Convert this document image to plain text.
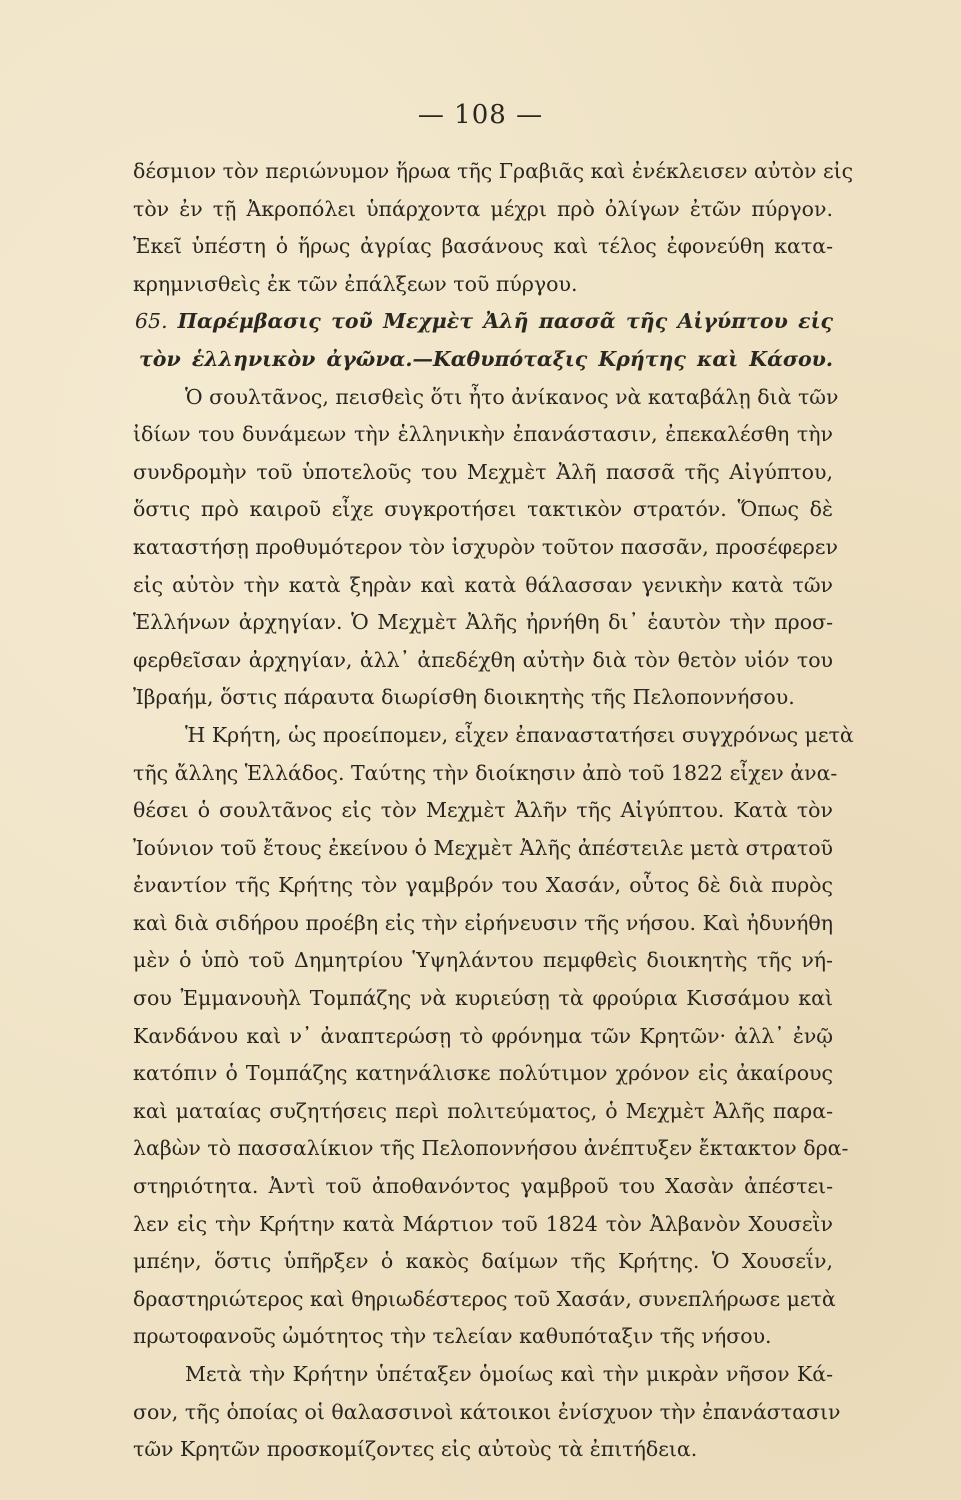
— 108 —
δέσμιον τὸν περιώνυμον ἥρωα τῆς Γραβιᾶς καὶ ἐνέκλεισεν αὐτὸν εἰς
τὸν ἐν τῇ Ἀκροπόλει ὑπάρχοντα μέχρι πρὸ ὀλίγων ἐτῶν πύργον.
Ἐκεῖ ὑπέστη ὁ ἥρως ἀγρίας βασάνους καὶ τέλος ἐφονεύθη κατα-
κρημνισθεὶς ἐκ τῶν ἐπάλξεων τοῦ πύργου.
65. Παρέμβασις τοῦ Μεχμὲτ Ἀλῆ πασσᾶ τῆς Αἰγύπτου εἰς
τὸν ἑλληνικὸν ἀγῶνα.—Καθυπόταξις Κρήτης καὶ Κάσου.
Ὁ σουλτᾶνος, πεισθεὶς ὅτι ἦτο ἀνίκανος νὰ καταβάλῃ διὰ τῶν
ἰδίων του δυνάμεων τὴν ἑλληνικὴν ἐπανάστασιν, ἐπεκαλέσθη τὴν
συνδρομὴν τοῦ ὑποτελοῦς του Μεχμὲτ Ἀλῆ πασσᾶ τῆς Αἰγύπτου,
ὅστις πρὸ καιροῦ εἶχε συγκροτήσει τακτικὸν στρατόν. Ὅπως δὲ
καταστήσῃ προθυμότερον τὸν ἰσχυρὸν τοῦτον πασσᾶν, προσέφερεν
εἰς αὐτὸν τὴν κατὰ ξηρὰν καὶ κατὰ θάλασσαν γενικὴν κατὰ τῶν
Ἑλλήνων ἀρχηγίαν. Ὁ Μεχμὲτ Ἀλῆς ἠρνήθη δι᾽ ἑαυτὸν τὴν προσ-
φερθεῖσαν ἀρχηγίαν, ἀλλ᾽ ἀπεδέχθη αὐτὴν διὰ τὸν θετὸν υἱόν του
Ἰβραήμ, ὅστις πάραυτα διωρίσθη διοικητὴς τῆς Πελοποννήσου.
Ἡ Κρήτη, ὡς προείπομεν, εἶχεν ἐπαναστατήσει συγχρόνως μετὰ
τῆς ἄλλης Ἑλλάδος. Ταύτης τὴν διοίκησιν ἀπὸ τοῦ 1822 εἶχεν ἀνα-
θέσει ὁ σουλτᾶνος εἰς τὸν Μεχμὲτ Ἀλῆν τῆς Αἰγύπτου. Κατὰ τὸν
Ἰούνιον τοῦ ἔτους ἐκείνου ὁ Μεχμὲτ Ἀλῆς ἀπέστειλε μετὰ στρατοῦ
ἐναντίον τῆς Κρήτης τὸν γαμβρόν του Χασάν, οὗτος δὲ διὰ πυρὸς
καὶ διὰ σιδήρου προέβη εἰς τὴν εἰρήνευσιν τῆς νήσου. Καὶ ἠδυνήθη
μὲν ὁ ὑπὸ τοῦ Δημητρίου Ὑψηλάντου πεμφθεὶς διοικητὴς τῆς νή-
σου Ἐμμανουὴλ Τομπάζης νὰ κυριεύσῃ τὰ φρούρια Κισσάμου καὶ
Κανδάνου καὶ ν᾽ ἀναπτερώσῃ τὸ φρόνημα τῶν Κρητῶν· ἀλλ᾽ ἐνῷ
κατόπιν ὁ Τομπάζης κατηνάλισκε πολύτιμον χρόνον εἰς ἀκαίρους
καὶ ματαίας συζητήσεις περὶ πολιτεύματος, ὁ Μεχμὲτ Ἀλῆς παρα-
λαβὼν τὸ πασσαλίκιον τῆς Πελοποννήσου ἀνέπτυξεν ἔκτακτον δρα-
στηριότητα. Ἀντὶ τοῦ ἀποθανόντος γαμβροῦ του Χασὰν ἀπέστει-
λεν εἰς τὴν Κρήτην κατὰ Μάρτιον τοῦ 1824 τὸν Ἀλβανὸν Χουσεῒν
μπέην, ὅστις ὑπῆρξεν ὁ κακὸς δαίμων τῆς Κρήτης. Ὁ Χουσεΐν,
δραστηριώτερος καὶ θηριωδέστερος τοῦ Χασάν, συνεπλήρωσε μετὰ
πρωτοφανοῦς ὠμότητος τὴν τελείαν καθυπόταξιν τῆς νήσου.
Μετὰ τὴν Κρήτην ὑπέταξεν ὁμοίως καὶ τὴν μικρὰν νῆσον Κά-
σον, τῆς ὁποίας οἱ θαλασσινοὶ κάτοικοι ἐνίσχυον τὴν ἐπανάστασιν
τῶν Κρητῶν προσκομίζοντες εἰς αὐτοὺς τὰ ἐπιτήδεια.
